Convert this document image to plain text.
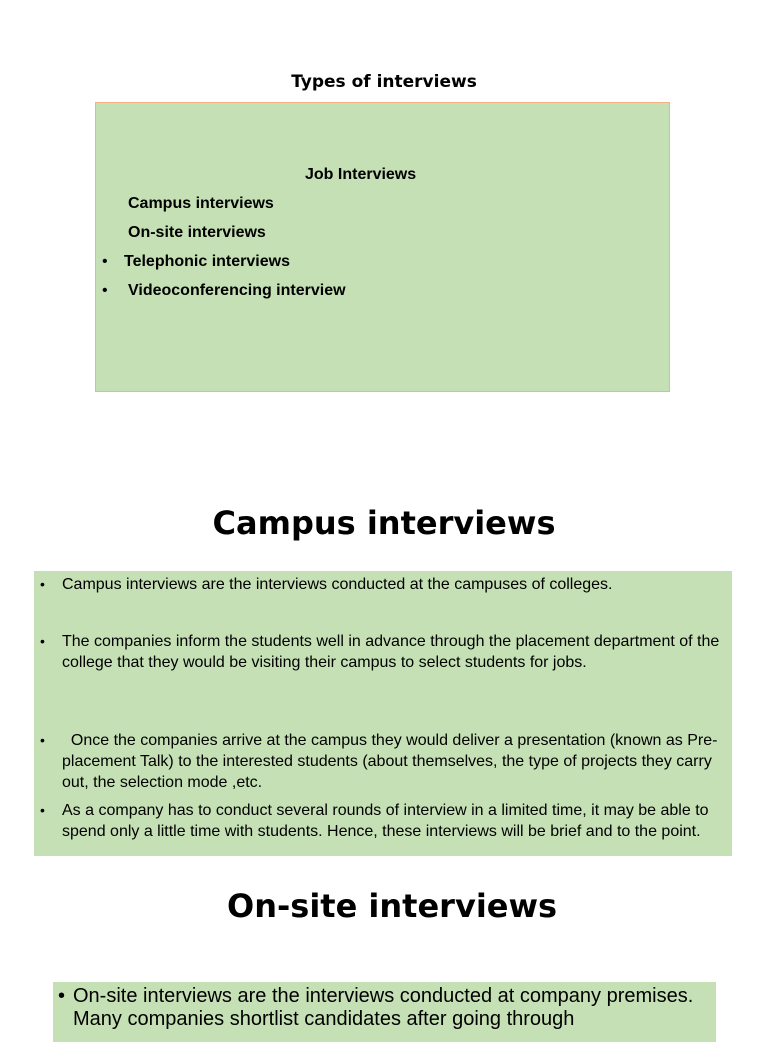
Types of interviews
Job Interviews
Campus interviews
On-site interviews
• Telephonic interviews
• Videoconferencing interview
Campus interviews
• Campus interviews are the interviews conducted at the campuses of colleges.
• The companies inform the students well in advance through the placement department of the college that they would be visiting their campus to select students for jobs.
• Once the companies arrive at the campus they would deliver a presentation (known as Pre-placement Talk) to the interested students (about themselves, the type of projects they carry out, the selection mode ,etc.
• As a company has to conduct several rounds of interview in a limited time, it may be able to spend only a little time with students. Hence, these interviews will be brief and to the point.
On-site interviews
• On-site interviews are the interviews conducted at company premises. Many companies shortlist candidates after going through
